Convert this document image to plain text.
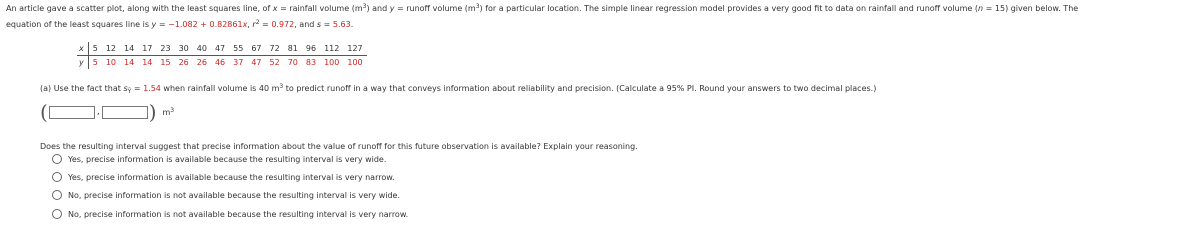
An article gave a scatter plot, along with the least squares line, of x = rainfall volume $(m^3)$ and y = runoff volume $(m^3)$ for a particular location. The simple linear regression model provides a very good fit to data on rainfall and runoff volume (n = 15) given below. The
equation of the least squares line is y = −1.082 + 0.82861x, $r^2 = 0.972$, and s = 5.63.
x	5	12	14	17	23	30	40	47	55	67	72	81	96	112	127
y	5	10	14	14	15	26	26	46	37	47	52	70	83	100	100
(a) Use the fact that $s_Ŷ = 1.54$ when rainfall volume is 40 $m^3$ to predict runoff in a way that conveys information about reliability and precision. (Calculate a 95% PI. Round your answers to two decimal places.)
(	, ) $m^3$
Does the resulting interval suggest that precise information about the value of runoff for this future observation is available? Explain your reasoning.
Yes, precise information is available because the resulting interval is very wide.
Yes, precise information is available because the resulting interval is very narrow.
No, precise information is not available because the resulting interval is very wide.
No, precise information is not available because the resulting interval is very narrow.
